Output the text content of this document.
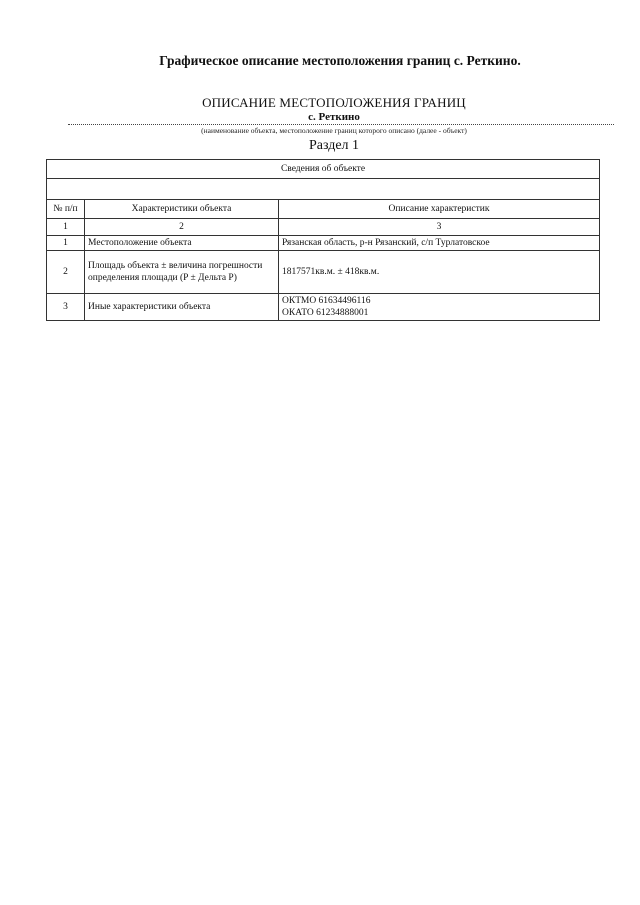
Графическое описание местоположения границ с. Реткино.
ОПИСАНИЕ МЕСТОПОЛОЖЕНИЯ ГРАНИЦ
с. Реткино
(наименование объекта, местоположение границ которого описано (далее - объект)
Раздел 1
Сведения об объекте		

№ п/п	Характеристики объекта	Описание характеристик
1	2	3
1	Местоположение объекта	Рязанская область, р-н Рязанский, с/п Турлатовское
2	Площадь объекта ± величина погрешности определения площади (P ± Дельта P)	1817571кв.м. ± 418кв.м.
3	Иные характеристики объекта	ОКТМО 61634496116
ОКАТО 61234888001
